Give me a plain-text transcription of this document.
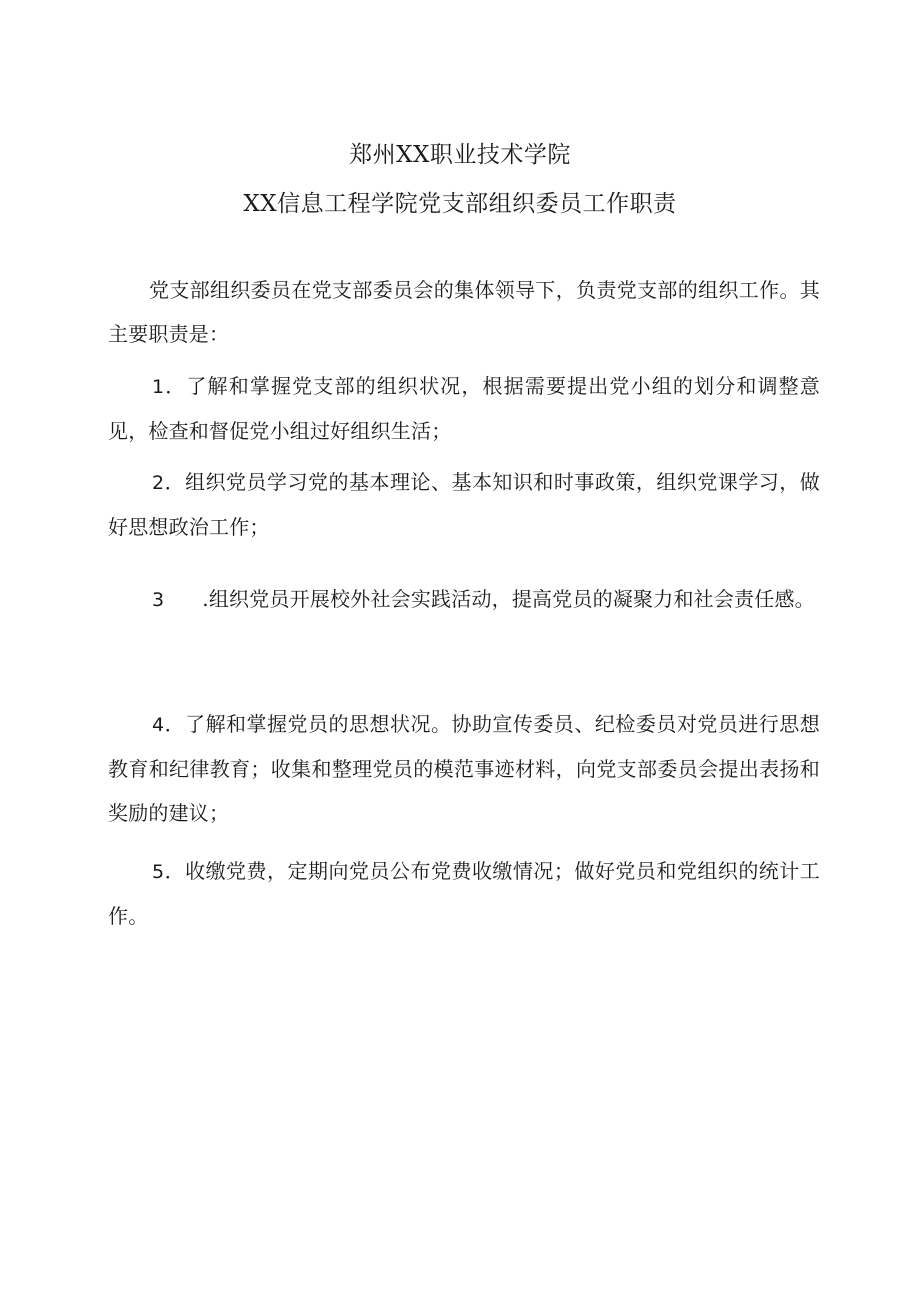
郑州XX职业技术学院
XX信息工程学院党支部组织委员工作职责

党支部组织委员在党支部委员会的集体领导下，负责党支部的组织工作。其主要职责是：

1．了解和掌握党支部的组织状况，根据需要提出党小组的划分和调整意见，检查和督促党小组过好组织生活；

2．组织党员学习党的基本理论、基本知识和时事政策，组织党课学习，做好思想政治工作；

3 .组织党员开展校外社会实践活动，提高党员的凝聚力和社会责任感。

4．了解和掌握党员的思想状况。协助宣传委员、纪检委员对党员进行思想教育和纪律教育；收集和整理党员的模范事迹材料，向党支部委员会提出表扬和奖励的建议；

5．收缴党费，定期向党员公布党费收缴情况；做好党员和党组织的统计工作。
